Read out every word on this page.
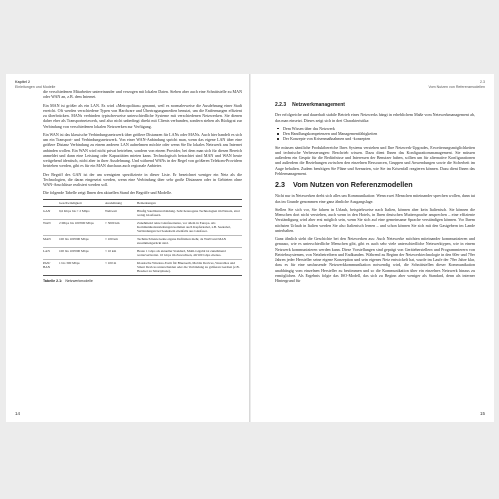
Kapitel 2
Einleitungen und Modelle

die verschiedenen Mitarbeiter untereinander und verzogen mit lokalen Daten. Sieben aber auch eine Schnittstelle zu MAN oder WAN an, z.B. dem Internet.

Ein MAN ist größer als ein LAN. Es wird »Metropolitan« genannt, weil es normalerweise die Ausdehnung einer Stadt erreicht. Oft werden verschiedene Typen von Hardware und Übertragungsmedien benutzt, um die Entfernungen effizient zu überbrücken. MANs verbinden typischerweise unterschiedliche Systeme mit verschiedenen Netzwerken. Sie dienen daher eher als Transportnetzwerk, und also nicht unbedingt direkt mit Clients verbunden, sondern stehen als Rückgrat zur Verbindung von verschiedenen lokalen Netzwerken zur Verfügung.

Ein WAN ist das klassische Verbindungsnetzwerk über größere Distanzen für LANs oder MANs. Auch hier handelt es sich um ein Transport- und Verbindungsnetzwerk. Von einer WAN-Anbindung spricht man, wenn das eigene LAN über eine größere Distanz Verbindung zu einem anderen LAN aufnehmen möchte oder wenn Sie Ihr lokales Netzwerk ans Internet anbinden wollen. Ein WAN wird nicht privat betrieben, sondern von einem Provider, bei dem man sich für diesen Bereich anmeldet und dann eine Leistung oder Kapazitäten mieten kann. Technologisch betrachtet sind MAN und WAN heute weitgehend identisch, nicht aber in ihrer Ausdehnung. Und während WANs in der Regel von größeren Telekom-Providern betrieben werden, gibt es für ein MAN durchaus auch regionale Anbieter.

Der Begriff des GAN ist der am wenigsten spezifizierte in dieser Liste. Er bezeichnet weniger ein Netz als die Technologien, die daran eingesetzt werden, wenn eine Verbindung über sehr große Distanzen oder in Gebieten ohne WAN-Anschlüsse realisiert werden soll.

Die folgende Tabelle zeigt Ihnen den aktuellen Stand der Begriffe und Modelle.

	Geschwindigkeit	Ausdehnung	Bemerkungen
GAN	9,6 Kbps bis > 2 Mbps	Weltweit	Häufig Satellitenverbindung. Sehr heterogene Technologien im Einsatz, sind wenig Glasfasern.
WAN	2 Mbps bis 100'000 Mbps	> 5000 km	Zunehmend reine Glasfasernetze, vor allem in Europa. Als Kommunikationsleitungen kommen auch Kupferkabel, z.B. Seekabel, Verbindungen bei Seekabeln ebenfalls aus Glasfaser.
MAN	100 bis 100'000 Mbps	≈ 100 km	Technisch heute keine eigene Definition mehr, da WAN und MAN zusammengerückt sind.
LAN	100 bis 100'000 Mbps	< 10 km	Heute 1 Gbps als aktueller Standard, Multi-Gigabit ist zunehmend weiterverbreitet. 10 Gbps im Zuwachsen, 40/100 Gbps ebenso.
PAN/ BAN	1 bis 300 Mbps	< 100 m	Klassische Wireless-Form für Bluetooth, Mobile Devices, Wearables und Smart Devices unterscheiden oder die Verbindung zu größeren Geräten (z.B. Headset zu Smartphone).
Tabelle 2.1: Netzwerkmodelle
14
2.3
Vom Nutzen von Referenzmodellen
2.2.3 Netzwerkmanagement

Der erfolgreiche und dauerhaft stabile Betrieb eines Netzwerks hängt in erheblichem Maße vom Netzwerkmanagement ab, das man einsetzt. Dieses zeigt sich in drei Charakteristika:

Dem Wissen über das Netzwerk
Den Handlungskompetenzen und Managementfähigkeiten
Der Konzepte von Krisenmaßnahmen und -konzepten

Sie müssen sämtliche Produktbereiche Ihres Systems verstehen und Ihre Netzwerk-Upgrades, Erweiterungsmöglichkeiten und technische Verbesserungen: Beschrieb wissen. Dazu dient Ihnen das Konfigurationsmanagement. Sie müssen außerdem ein Gespür für die Bedürfnisse und Interessen der Benutzer haben, sollten um für alternative Konfigurationen und außerdem die Beziehungen zwischen den einzelnen Ressourcen, Gruppen und Anwendungen sowie die Sicherheit im Auge behalten. Zudem benötigen Sie Pläne und Szenarien, wie Sie im Krisenfall reagieren können. Dazu dient Ihnen das Fehlermanagement.

2.3 Vom Nutzen von Referenzmodellen

Nicht nur in Netzwerken dreht sich alles um Kommunikation: Wenn zwei Menschen miteinander sprechen wollen, dann tut das im Grunde genommen eine ganz ähnliche Ausgangslage.

Stellen Sie sich vor, Sie fahren in Urlaub, beispielsweise nach Italien, können aber kein Italienisch. Sie können die Menschen dort nicht verstehen, auch wenn in den Hotels, in Ihren deutschen Muttersprache ansprechen – eine effiziente Verständigung wird aber erst möglich sein, wenn Sie sich auf eine gemeinsame Sprache verständigen können. Vor Ihrem nächsten Urlaub in Italien werden Sie also Italienisch lernen – und schon können Sie sich mit den Gastgebern im Lande unterhalten.

Ganz ähnlich sieht die Geschichte bei den Netzwerken aus: Auch Netzwerke möchten miteinander kommunizieren und genauso, wie es unterschiedliche Menschen gibt, gibt es auch sehr viele unterschiedliche Netzwerktypen, wie in einem Netzwerk kommunizieren werden kann. Diese Vorstellungen sind geprägt von Geräteherstellern und Programmierern von Betriebssystemen, von Netzbetreibern und Endkunden. Während zu Beginn der Netzwerktechnologie in den 60er und 70er Jahren jeder Hersteller seine eigene Konzeption und sein eigenes Netz entwickelt hat, wurde im Laufe der 70er Jahre klar, dass es für eine umfassende Netzwerkkommunikation notwendig wird, die Schnittstellen dieser Kommunikation unabhängig vom einzelnen Hersteller zu bestimmen und so die Kommunikation über ein einzelnes Netzwerk hinaus zu ermöglichen. Als Ergebnis folgte das ISO-Modell, das sich zu Beginn aber weniger als Standard, denn als interner Hintergrund für

15
